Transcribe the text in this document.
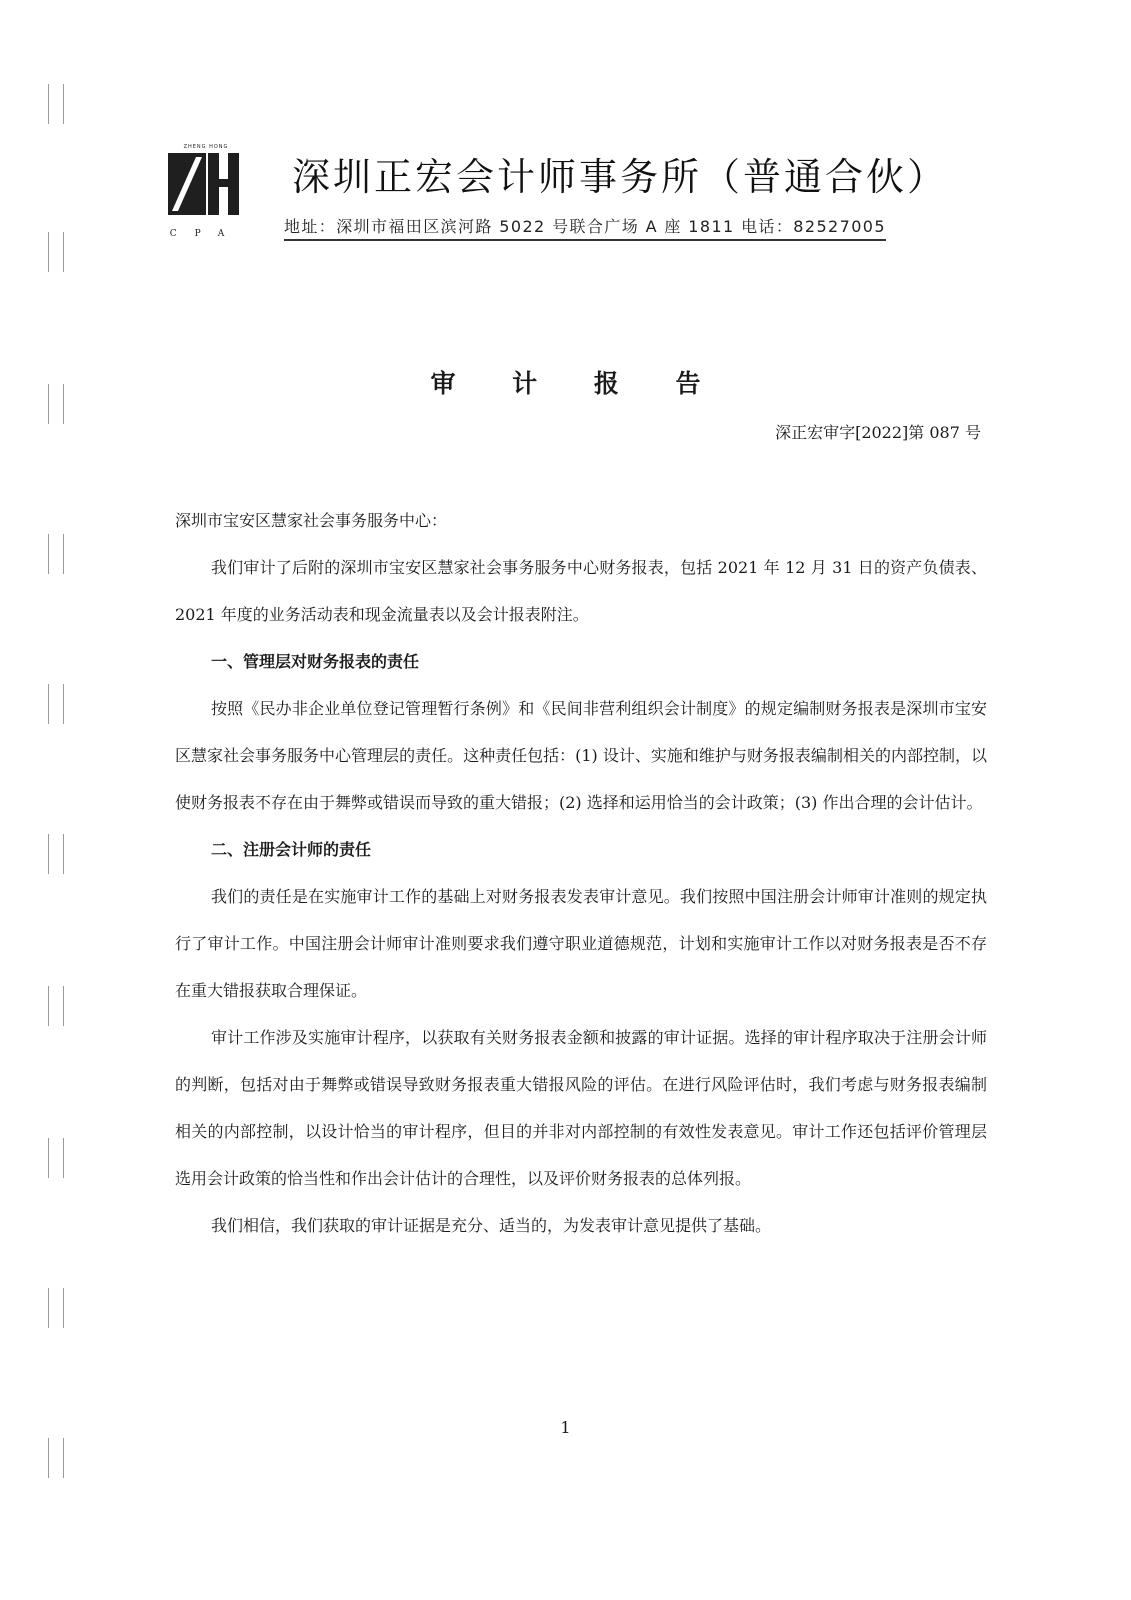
ZHENG HONG
CPA
深圳正宏会计师事务所（普通合伙）
地址：深圳市福田区滨河路 5022 号联合广场 A 座 1811 电话：82527005
审 计 报 告
深正宏审字[2022]第 087 号

深圳市宝安区慧家社会事务服务中心：

我们审计了后附的深圳市宝安区慧家社会事务服务中心财务报表，包括 2021 年 12 月 31 日的资产负债表、2021 年度的业务活动表和现金流量表以及会计报表附注。

一、管理层对财务报表的责任

按照《民办非企业单位登记管理暂行条例》和《民间非营利组织会计制度》的规定编制财务报表是深圳市宝安区慧家社会事务服务中心管理层的责任。这种责任包括：(1) 设计、实施和维护与财务报表编制相关的内部控制，以使财务报表不存在由于舞弊或错误而导致的重大错报；(2) 选择和运用恰当的会计政策；(3) 作出合理的会计估计。

二、注册会计师的责任

我们的责任是在实施审计工作的基础上对财务报表发表审计意见。我们按照中国注册会计师审计准则的规定执行了审计工作。中国注册会计师审计准则要求我们遵守职业道德规范，计划和实施审计工作以对财务报表是否不存在重大错报获取合理保证。

审计工作涉及实施审计程序，以获取有关财务报表金额和披露的审计证据。选择的审计程序取决于注册会计师的判断，包括对由于舞弊或错误导致财务报表重大错报风险的评估。在进行风险评估时，我们考虑与财务报表编制相关的内部控制，以设计恰当的审计程序，但目的并非对内部控制的有效性发表意见。审计工作还包括评价管理层选用会计政策的恰当性和作出会计估计的合理性，以及评价财务报表的总体列报。

我们相信，我们获取的审计证据是充分、适当的，为发表审计意见提供了基础。

1
